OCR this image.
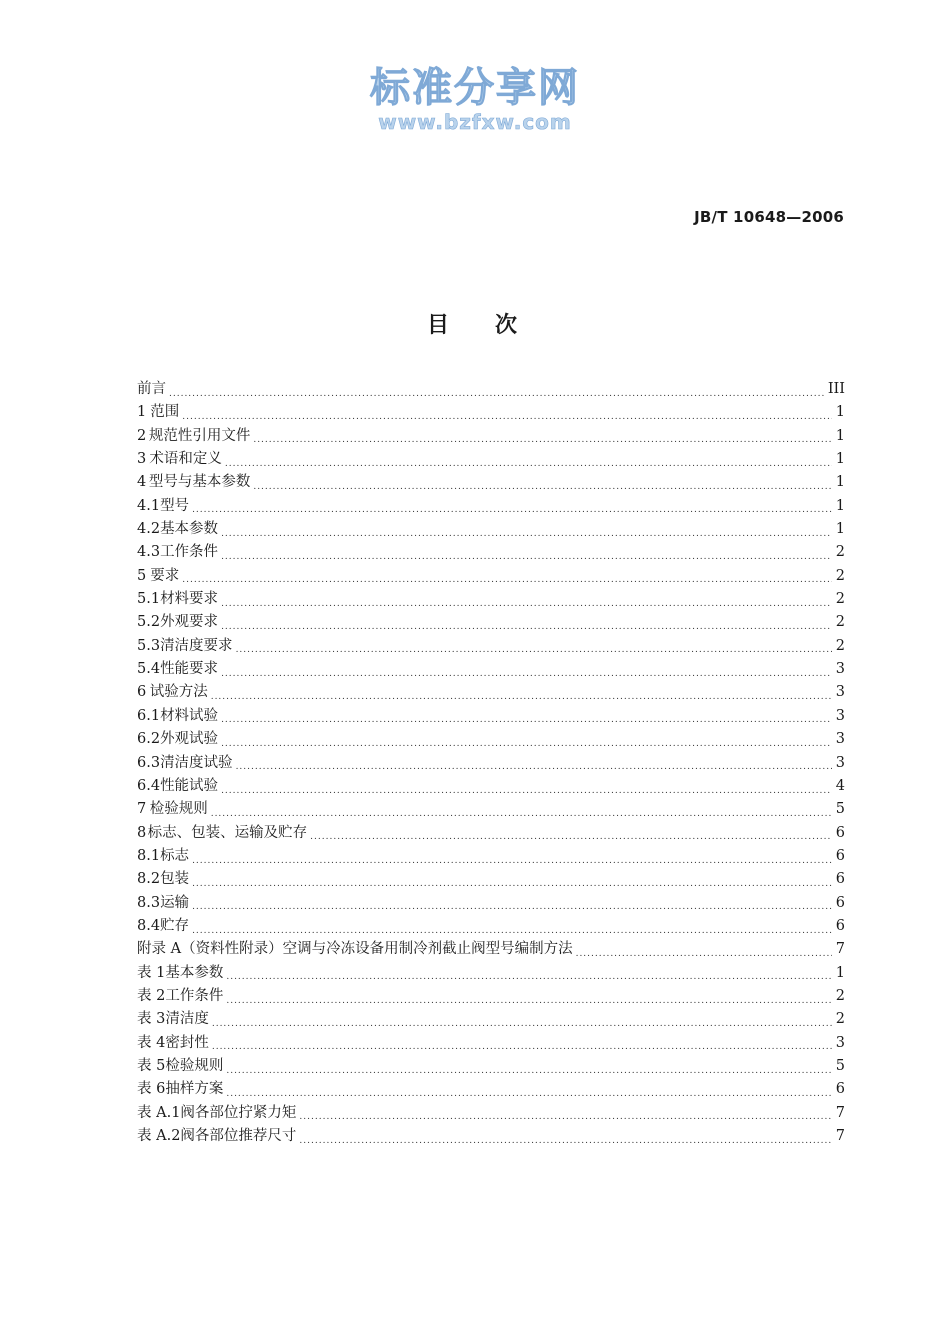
标准分享网
www.bzfxw.com
JB/T 10648—2006
目次
前言 .....	III
1 范围 .....	1
2 规范性引用文件 .....	1
3 术语和定义 .....	1
4 型号与基本参数 .....	1
4.1 型号 .....	1
4.2 基本参数 .....	1
4.3 工作条件 .....	2
5 要求 .....	2
5.1 材料要求 .....	2
5.2 外观要求 .....	2
5.3 清洁度要求 .....	2
5.4 性能要求 .....	3
6 试验方法 .....	3
6.1 材料试验 .....	3
6.2 外观试验 .....	3
6.3 清洁度试验 .....	3
6.4 性能试验 .....	4
7 检验规则 .....	5
8 标志、包装、运输及贮存 .....	6
8.1 标志 .....	6
8.2 包装 .....	6
8.3 运输 .....	6
8.4 贮存 .....	6
附录 A（资料性附录）空调与冷冻设备用制冷剂截止阀型号编制方法 .....	7
表 1 基本参数 .....	1
表 2 工作条件 .....	2
表 3 清洁度 .....	2
表 4 密封性 .....	3
表 5 检验规则 .....	5
表 6 抽样方案 .....	6
表 A.1 阀各部位拧紧力矩 .....	7
表 A.2 阀各部位推荐尺寸 .....	7
